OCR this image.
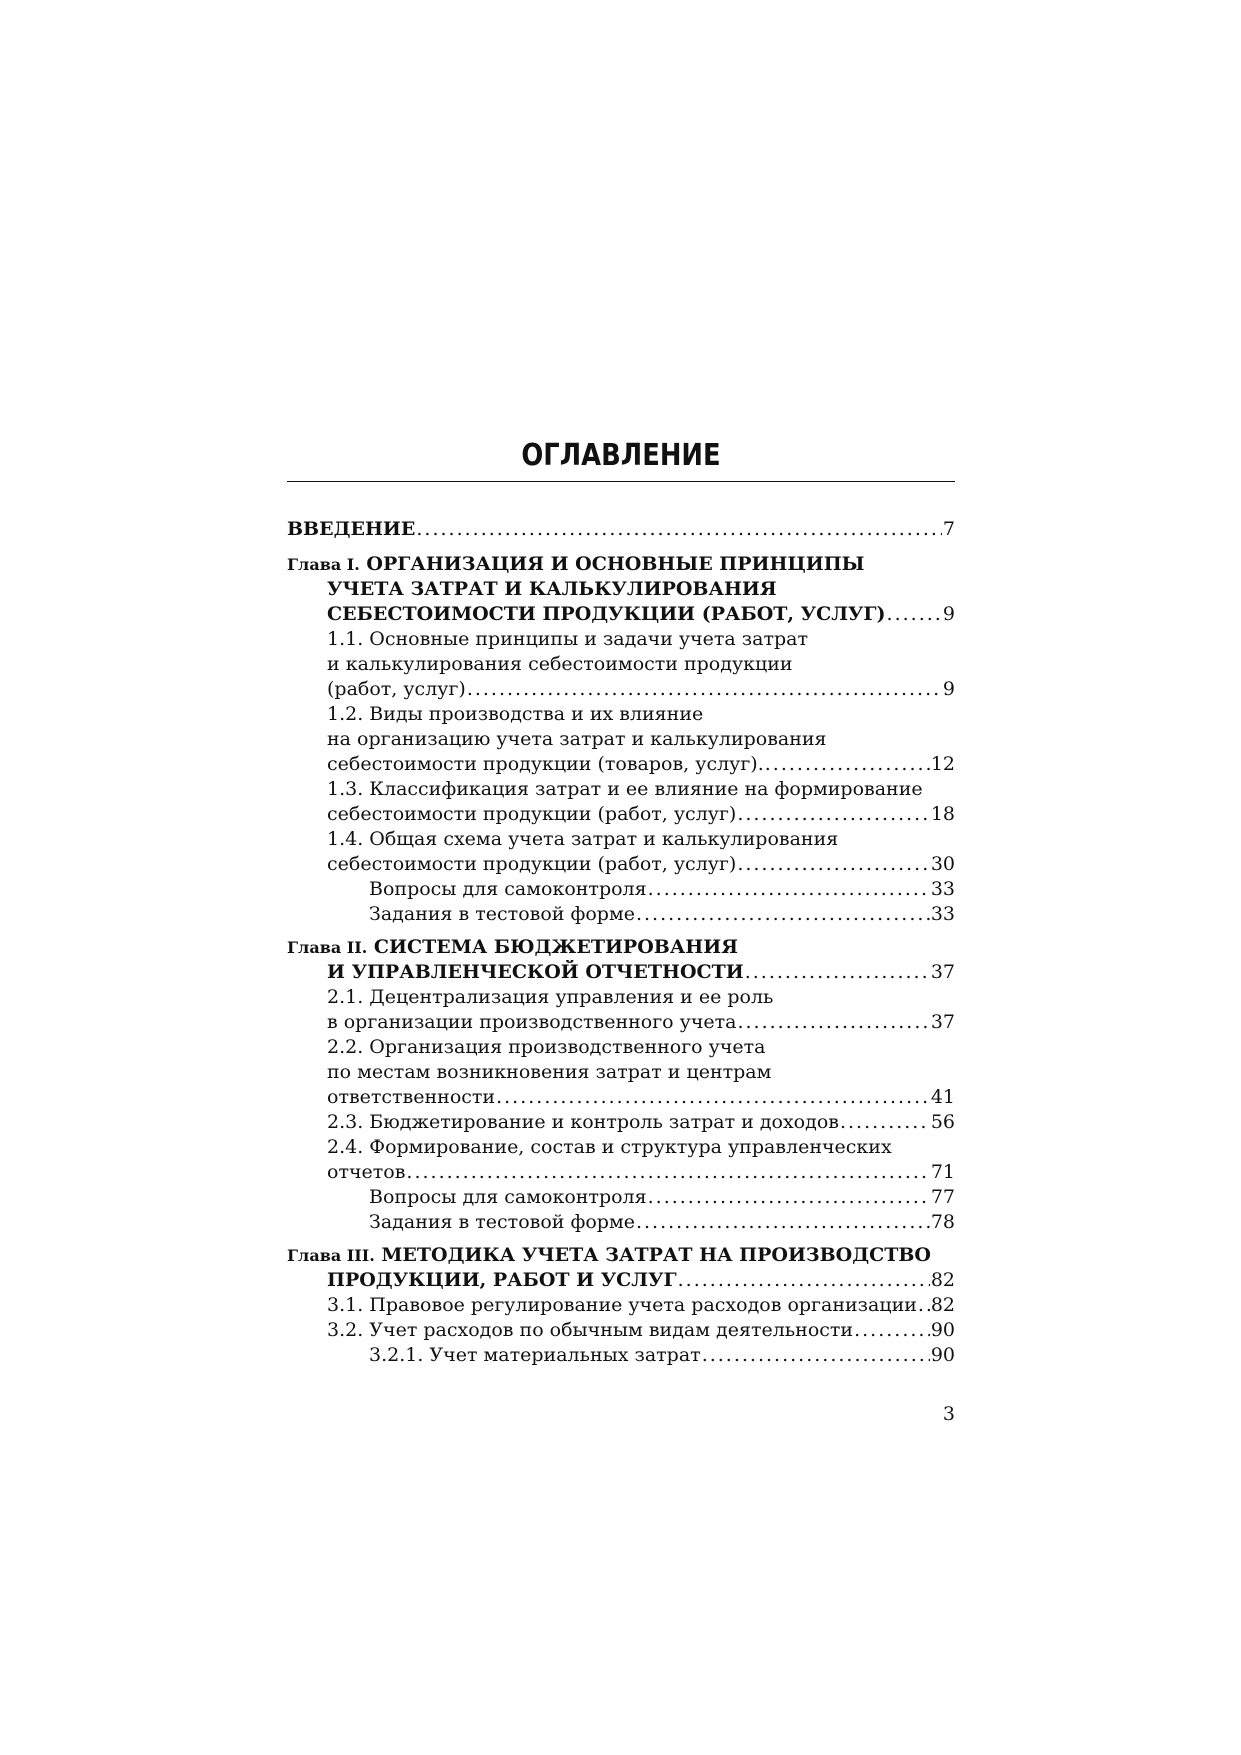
ОГЛАВЛЕНИЕ
ВВЕДЕНИЕ .....	7
Глава I. ОРГАНИЗАЦИЯ И ОСНОВНЫЕ ПРИНЦИПЫ
УЧЕТА ЗАТРАТ И КАЛЬКУЛИРОВАНИЯ
СЕБЕСТОИМОСТИ ПРОДУКЦИИ (РАБОТ, УСЛУГ) .....	9
1.1. Основные принципы и задачи учета затрат
и калькулирования себестоимости продукции
(работ, услуг) .....	9
1.2. Виды производства и их влияние
на организацию учета затрат и калькулирования
себестоимости продукции (товаров, услуг). .....	12
1.3. Классификация затрат и ее влияние на формирование
себестоимости продукции (работ, услуг) .....	18
1.4. Общая схема учета затрат и калькулирования
себестоимости продукции (работ, услуг) .....	30
Вопросы для самоконтроля .....	33
Задания в тестовой форме .....	33
Глава II. СИСТЕМА БЮДЖЕТИРОВАНИЯ
И УПРАВЛЕНЧЕСКОЙ ОТЧЕТНОСТИ .....	37
2.1. Децентрализация управления и ее роль
в организации производственного учета .....	37
2.2. Организация производственного учета
по местам возникновения затрат и центрам
ответственности .....	41
2.3. Бюджетирование и контроль затрат и доходов .....	56
2.4. Формирование, состав и структура управленческих
отчетов .....	71
Вопросы для самоконтроля .....	77
Задания в тестовой форме .....	78
Глава III. МЕТОДИКА УЧЕТА ЗАТРАТ НА ПРОИЗВОДСТВО
ПРОДУКЦИИ, РАБОТ И УСЛУГ .....	82
3.1. Правовое регулирование учета расходов организации ..... 82
3.2. Учет расходов по обычным видам деятельности .....	90
3.2.1. Учет материальных затрат .....	90
3
